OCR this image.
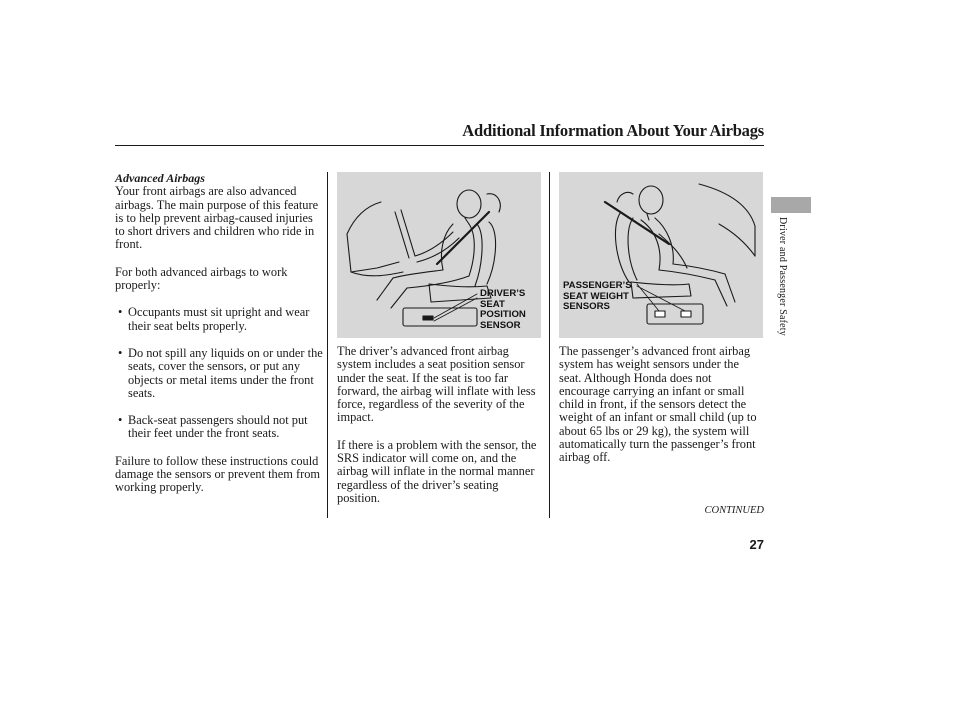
Additional Information About Your Airbags

Advanced Airbags

Your front airbags are also advanced airbags. The main purpose of this feature is to help prevent airbag-caused injuries to short drivers and children who ride in front.

For both advanced airbags to work properly:

• Occupants must sit upright and wear their seat belts properly.
• Do not spill any liquids on or under the seats, cover the sensors, or put any objects or metal items under the front seats.
• Back-seat passengers should not put their feet under the front seats.

Failure to follow these instructions could damage the sensors or prevent them from working properly.

DRIVER’S
SEAT
POSITION
SENSOR

The driver’s advanced front airbag system includes a seat position sensor under the seat. If the seat is too far forward, the airbag will inflate with less force, regardless of the severity of the impact.

If there is a problem with the sensor, the SRS indicator will come on, and the airbag will inflate in the normal manner regardless of the driver’s seating position.

PASSENGER’S
SEAT WEIGHT
SENSORS

The passenger’s advanced front airbag system has weight sensors under the seat. Although Honda does not encourage carrying an infant or small child in front, if the sensors detect the weight of an infant or small child (up to about 65 lbs or 29 kg), the system will automatically turn the passenger’s front airbag off.

CONTINUED
27
Driver and Passenger Safety
